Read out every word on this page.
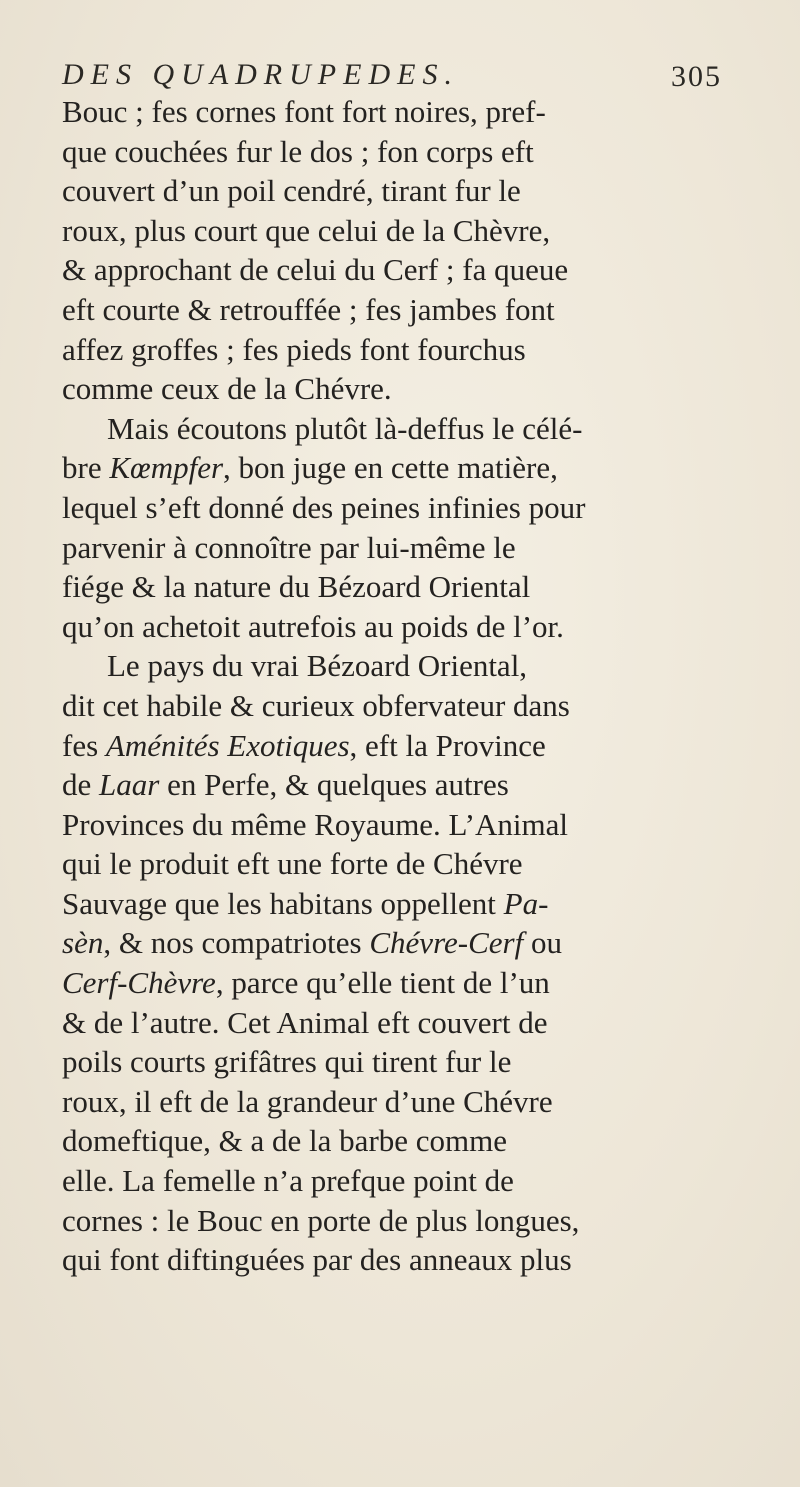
DES QUADRUPEDES.	305
Bouc ; fes cornes font fort noires, pref-
que couchées fur le dos ; fon corps eft
couvert d’un poil cendré, tirant fur le
roux, plus court que celui de la Chèvre,
& approchant de celui du Cerf ; fa queue
eft courte & retrouffée ; fes jambes font
affez groffes ; fes pieds font fourchus
comme ceux de la Chévre.
Mais écoutons plutôt là-deffus le célé-
bre Kœmpfer, bon juge en cette matière,
lequel s’eft donné des peines infinies pour
parvenir à connoître par lui-même le
fiége & la nature du Bézoard Oriental
qu’on achetoit autrefois au poids de l’or.
Le pays du vrai Bézoard Oriental,
dit cet habile & curieux obfervateur dans
fes Aménités Exotiques, eft la Province
de Laar en Perfe, & quelques autres
Provinces du même Royaume. L’Animal
qui le produit eft une forte de Chévre
Sauvage que les habitans oppellent Pa-
sèn, & nos compatriotes Chévre-Cerf ou
Cerf-Chèvre, parce qu’elle tient de l’un
& de l’autre. Cet Animal eft couvert de
poils courts grifâtres qui tirent fur le
roux, il eft de la grandeur d’une Chévre
domeftique, & a de la barbe comme
elle. La femelle n’a prefque point de
cornes : le Bouc en porte de plus longues,
qui font diftinguées par des anneaux plus
